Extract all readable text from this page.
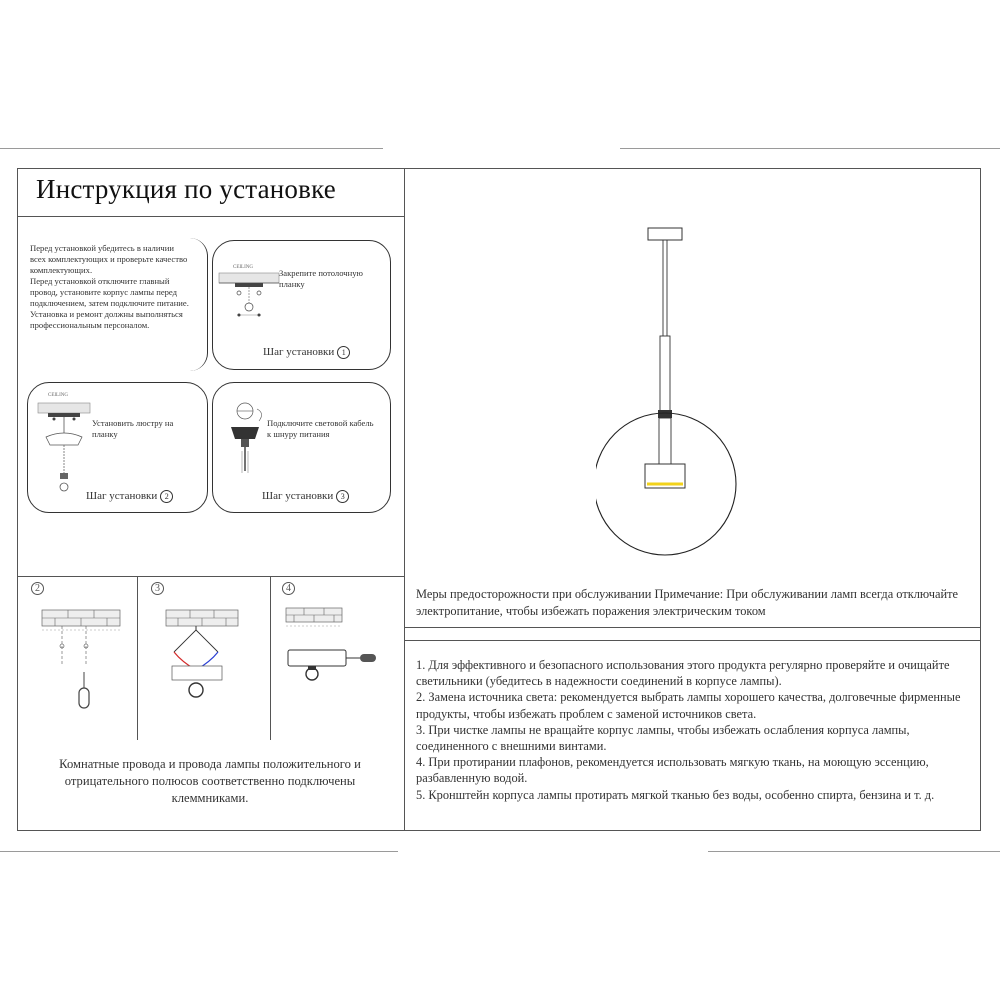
Инструкция по установке
Перед установкой убедитесь в наличии
всех комплектующих и проверьте качество
комплектующих.
Перед установкой отключите главный
провод, установите корпус лампы перед
подключением, затем подключите питание.
Установка и ремонт должны выполняться
профессиональным персоналом.
CEILING
Закрепите потолочную
планку
Шаг установки 1
CEILING
Установить люстру на
планку
Шаг установки 2
Подключите световой кабель
к шнуру питания
Шаг установки 3
2	3	4
Комнатные провода и провода лампы положительного и отрицательного полюсов соответственно подключены клеммниками.
Меры предосторожности при обслуживании Примечание: При обслуживании ламп всегда отключайте электропитание, чтобы избежать поражения электрическим током

1. Для эффективного и безопасного использования этого продукта регулярно проверяйте и очищайте светильники (убедитесь в надежности соединений в корпусе лампы).

2. Замена источника света: рекомендуется выбрать лампы хорошего качества, долговечные фирменные продукты, чтобы избежать проблем с заменой источников света.

3. При чистке лампы не вращайте корпус лампы, чтобы избежать ослабления корпуса лампы, соединенного с внешними винтами.

4. При протирании плафонов, рекомендуется использовать мягкую ткань, на моющую эссенцию, разбавленную водой.

5. Кронштейн корпуса лампы протирать мягкой тканью без воды, особенно спирта, бензина и т. д.
